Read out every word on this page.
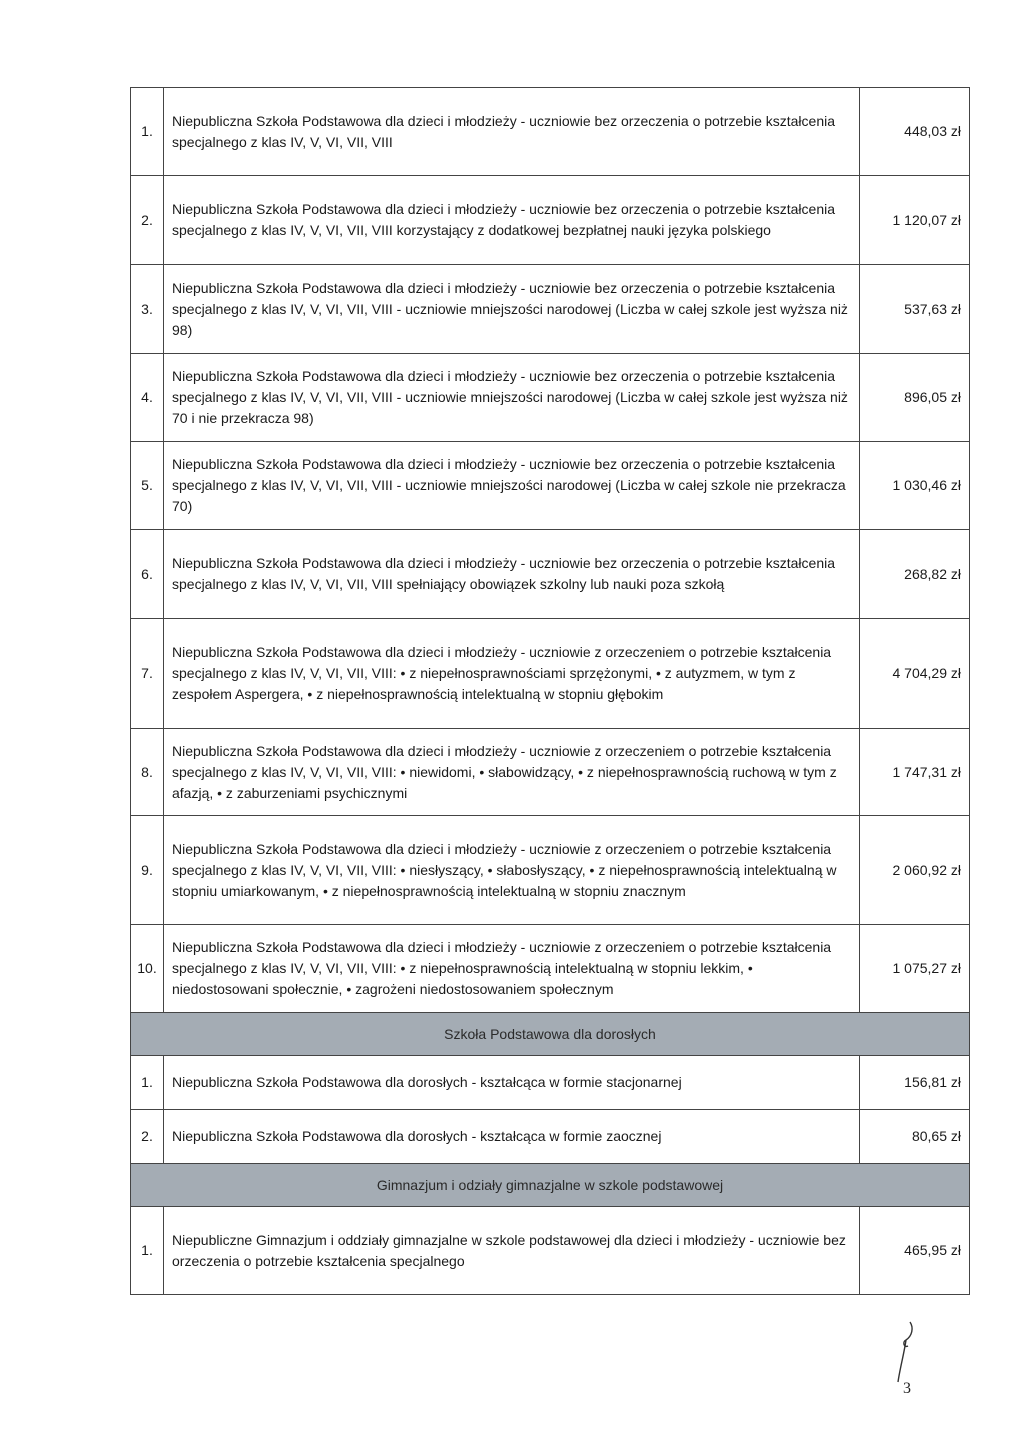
1.	Niepubliczna Szkoła Podstawowa dla dzieci i młodzieży - uczniowie bez orzeczenia o potrzebie kształcenia specjalnego z klas IV, V, VI, VII, VIII	448,03 zł
2.	Niepubliczna Szkoła Podstawowa dla dzieci i młodzieży - uczniowie bez orzeczenia o potrzebie kształcenia specjalnego z klas IV, V, VI, VII, VIII korzystający z dodatkowej bezpłatnej nauki języka polskiego	1 120,07 zł
3.	Niepubliczna Szkoła Podstawowa dla dzieci i młodzieży - uczniowie bez orzeczenia o potrzebie kształcenia specjalnego z klas IV, V, VI, VII, VIII - uczniowie mniejszości narodowej (Liczba w całej szkole jest wyższa niż 98)	537,63 zł
4.	Niepubliczna Szkoła Podstawowa dla dzieci i młodzieży - uczniowie bez orzeczenia o potrzebie kształcenia specjalnego z klas IV, V, VI, VII, VIII - uczniowie mniejszości narodowej (Liczba w całej szkole jest wyższa niż 70 i nie przekracza 98)	896,05 zł
5.	Niepubliczna Szkoła Podstawowa dla dzieci i młodzieży - uczniowie bez orzeczenia o potrzebie kształcenia specjalnego z klas IV, V, VI, VII, VIII - uczniowie mniejszości narodowej (Liczba w całej szkole nie przekracza 70)	1 030,46 zł
6.	Niepubliczna Szkoła Podstawowa dla dzieci i młodzieży - uczniowie bez orzeczenia o potrzebie kształcenia specjalnego z klas IV, V, VI, VII, VIII spełniający obowiązek szkolny lub nauki poza szkołą	268,82 zł
7.	Niepubliczna Szkoła Podstawowa dla dzieci i młodzieży - uczniowie z orzeczeniem o potrzebie kształcenia specjalnego z klas IV, V, VI, VII, VIII: • z niepełnosprawnościami sprzężonymi, • z autyzmem, w tym z zespołem Aspergera, • z niepełnosprawnością intelektualną w stopniu głębokim	4 704,29 zł
8.	Niepubliczna Szkoła Podstawowa dla dzieci i młodzieży - uczniowie z orzeczeniem o potrzebie kształcenia specjalnego z klas IV, V, VI, VII, VIII: • niewidomi, • słabowidzący, • z niepełnosprawnością ruchową w tym z afazją, • z zaburzeniami psychicznymi	1 747,31 zł
9.	Niepubliczna Szkoła Podstawowa dla dzieci i młodzieży - uczniowie z orzeczeniem o potrzebie kształcenia specjalnego z klas IV, V, VI, VII, VIII: • niesłyszący, • słabosłyszący, • z niepełnosprawnością intelektualną w stopniu umiarkowanym, • z niepełnosprawnością intelektualną w stopniu znacznym	2 060,92 zł
10.	Niepubliczna Szkoła Podstawowa dla dzieci i młodzieży - uczniowie z orzeczeniem o potrzebie kształcenia specjalnego z klas IV, V, VI, VII, VIII: • z niepełnosprawnością intelektualną w stopniu lekkim, • niedostosowani społecznie, • zagrożeni niedostosowaniem społecznym	1 075,27 zł
Szkoła Podstawowa dla dorosłych		
1.	Niepubliczna Szkoła Podstawowa dla dorosłych - kształcąca w formie stacjonarnej	156,81 zł
2.	Niepubliczna Szkoła Podstawowa dla dorosłych - kształcąca w formie zaocznej	80,65 zł
Gimnazjum i odziały gimnazjalne w szkole podstawowej		
1.	Niepubliczne Gimnazjum i oddziały gimnazjalne w szkole podstawowej dla dzieci i młodzieży - uczniowie bez orzeczenia o potrzebie kształcenia specjalnego	465,95 zł
3
